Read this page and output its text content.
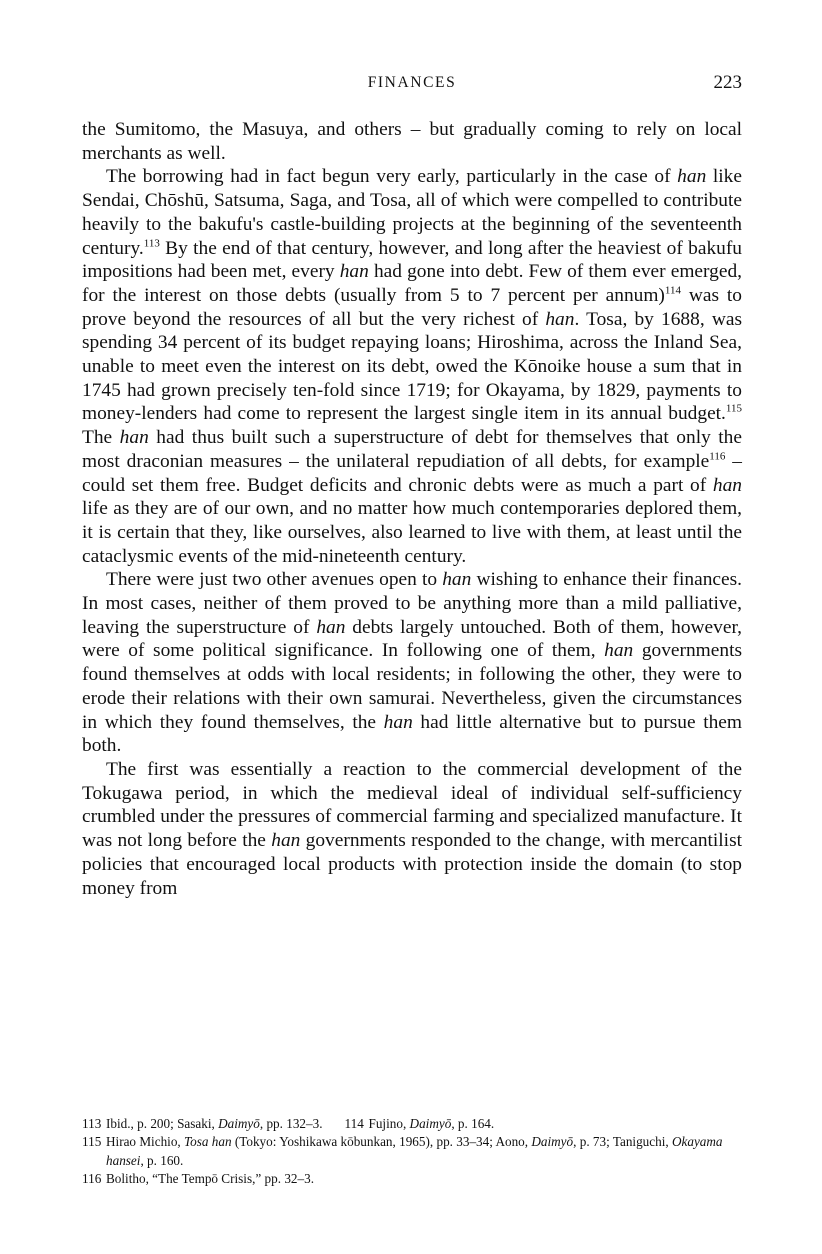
FINANCES	223

the Sumitomo, the Masuya, and others – but gradually coming to rely on local merchants as well.

The borrowing had in fact begun very early, particularly in the case of han like Sendai, Chōshū, Satsuma, Saga, and Tosa, all of which were compelled to contribute heavily to the bakufu's castle-building projects at the beginning of the seventeenth century.$^{113}$ By the end of that century, however, and long after the heaviest of bakufu impositions had been met, every han had gone into debt. Few of them ever emerged, for the interest on those debts (usually from 5 to 7 percent per annum)$^{114}$ was to prove beyond the resources of all but the very richest of han. Tosa, by 1688, was spending 34 percent of its budget repaying loans; Hiroshima, across the Inland Sea, unable to meet even the interest on its debt, owed the Kōnoike house a sum that in 1745 had grown precisely ten-fold since 1719; for Okayama, by 1829, payments to money-lenders had come to represent the largest single item in its annual budget.$^{115}$ The han had thus built such a superstructure of debt for themselves that only the most draconian measures – the unilateral repudiation of all debts, for example$^{116}$ – could set them free. Budget deficits and chronic debts were as much a part of han life as they are of our own, and no matter how much contemporaries deplored them, it is certain that they, like ourselves, also learned to live with them, at least until the cataclysmic events of the mid-nineteenth century.

There were just two other avenues open to han wishing to enhance their finances. In most cases, neither of them proved to be anything more than a mild palliative, leaving the superstructure of han debts largely untouched. Both of them, however, were of some political significance. In following one of them, han governments found themselves at odds with local residents; in following the other, they were to erode their relations with their own samurai. Nevertheless, given the circumstances in which they found themselves, the han had little alternative but to pursue them both.

The first was essentially a reaction to the commercial development of the Tokugawa period, in which the medieval ideal of individual self-sufficiency crumbled under the pressures of commercial farming and specialized manufacture. It was not long before the han governments responded to the change, with mercantilist policies that encouraged local products with protection inside the domain (to stop money from

113 Ibid., p. 200; Sasaki, Daimyō, pp. 132–3. 114 Fujino, Daimyō, p. 164.

115 Hirao Michio, Tosa han (Tokyo: Yoshikawa kōbunkan, 1965), pp. 33–34; Aono, Daimyō, p. 73; Taniguchi, Okayama hansei, p. 160.

116 Bolitho, “The Tempō Crisis,” pp. 32–3.
